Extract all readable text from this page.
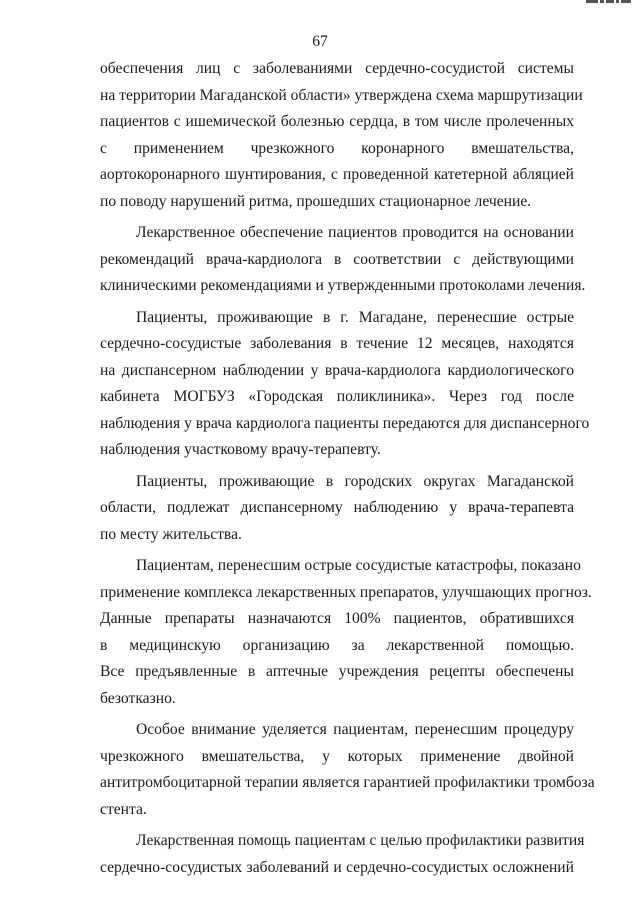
67
обеспечения лиц с заболеваниями сердечно-сосудистой системы
на территории Магаданской области» утверждена схема маршрутизации
пациентов с ишемической болезнью сердца, в том числе пролеченных
с применением чрезкожного коронарного вмешательства,
аортокоронарного шунтирования, с проведенной катетерной абляцией
по поводу нарушений ритма, прошедших стационарное лечение.
Лекарственное обеспечение пациентов проводится на основании
рекомендаций врача-кардиолога в соответствии с действующими
клиническими рекомендациями и утвержденными протоколами лечения.
Пациенты, проживающие в г. Магадане, перенесшие острые
сердечно-сосудистые заболевания в течение 12 месяцев, находятся
на диспансерном наблюдении у врача-кардиолога кардиологического
кабинета МОГБУЗ «Городская поликлиника». Через год после
наблюдения у врача кардиолога пациенты передаются для диспансерного
наблюдения участковому врачу-терапевту.
Пациенты, проживающие в городских округах Магаданской
области, подлежат диспансерному наблюдению у врача-терапевта
по месту жительства.
Пациентам, перенесшим острые сосудистые катастрофы, показано
применение комплекса лекарственных препаратов, улучшающих прогноз.
Данные препараты назначаются 100% пациентов, обратившихся
в медицинскую организацию за лекарственной помощью.
Все предъявленные в аптечные учреждения рецепты обеспечены
безотказно.
Особое внимание уделяется пациентам, перенесшим процедуру
чрезкожного вмешательства, у которых применение двойной
антитромбоцитарной терапии является гарантией профилактики тромбоза
стента.
Лекарственная помощь пациентам с целью профилактики развития
сердечно-сосудистых заболеваний и сердечно-сосудистых осложнений
